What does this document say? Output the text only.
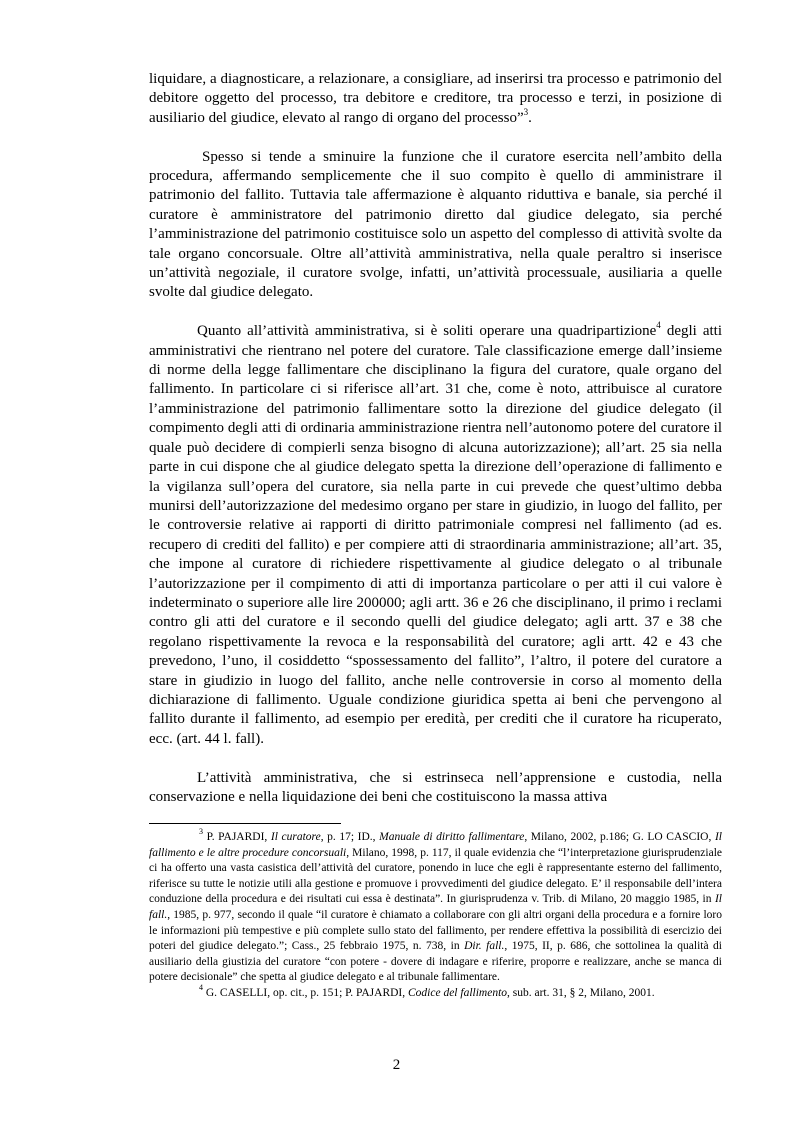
liquidare, a diagnosticare, a relazionare, a consigliare, ad inserirsi tra processo e patrimonio del debitore oggetto del processo, tra debitore e creditore, tra processo e terzi, in posizione di ausiliario del giudice, elevato al rango di organo del processo”$^3$.

Spesso si tende a sminuire la funzione che il curatore esercita nell’ambito della procedura, affermando semplicemente che il suo compito è quello di amministrare il patrimonio del fallito. Tuttavia tale affermazione è alquanto riduttiva e banale, sia perché il curatore è amministratore del patrimonio diretto dal giudice delegato, sia perché l’amministrazione del patrimonio costituisce solo un aspetto del complesso di attività svolte da tale organo concorsuale. Oltre all’attività amministrativa, nella quale peraltro si inserisce un’attività negoziale, il curatore svolge, infatti, un’attività processuale, ausiliaria a quelle svolte dal giudice delegato.

Quanto all’attività amministrativa, si è soliti operare una quadripartizione$^4$ degli atti amministrativi che rientrano nel potere del curatore. Tale classificazione emerge dall’insieme di norme della legge fallimentare che disciplinano la figura del curatore, quale organo del fallimento. In particolare ci si riferisce all’art. 31 che, come è noto, attribuisce al curatore l’amministrazione del patrimonio fallimentare sotto la direzione del giudice delegato (il compimento degli atti di ordinaria amministrazione rientra nell’autonomo potere del curatore il quale può decidere di compierli senza bisogno di alcuna autorizzazione); all’art. 25 sia nella parte in cui dispone che al giudice delegato spetta la direzione dell’operazione di fallimento e la vigilanza sull’opera del curatore, sia nella parte in cui prevede che quest’ultimo debba munirsi dell’autorizzazione del medesimo organo per stare in giudizio, in luogo del fallito, per le controversie relative ai rapporti di diritto patrimoniale compresi nel fallimento (ad es. recupero di crediti del fallito) e per compiere atti di straordinaria amministrazione; all’art. 35, che impone al curatore di richiedere rispettivamente al giudice delegato o al tribunale l’autorizzazione per il compimento di atti di importanza particolare o per atti il cui valore è indeterminato o superiore alle lire 200000; agli artt. 36 e 26 che disciplinano, il primo i reclami contro gli atti del curatore e il secondo quelli del giudice delegato; agli artt. 37 e 38 che regolano rispettivamente la revoca e la responsabilità del curatore; agli artt. 42 e 43 che prevedono, l’uno, il cosiddetto “spossessamento del fallito”, l’altro, il potere del curatore a stare in giudizio in luogo del fallito, anche nelle controversie in corso al momento della dichiarazione di fallimento. Uguale condizione giuridica spetta ai beni che pervengono al fallito durante il fallimento, ad esempio per eredità, per crediti che il curatore ha ricuperato, ecc. (art. 44 l. fall).

L’attività amministrativa, che si estrinseca nell’apprensione e custodia, nella conservazione e nella liquidazione dei beni che costituiscono la massa attiva

$^3$ P. PAJARDI, Il curatore, p. 17; ID., Manuale di diritto fallimentare, Milano, 2002, p.186; G. LO CASCIO, Il fallimento e le altre procedure concorsuali, Milano, 1998, p. 117, il quale evidenzia che “l’interpretazione giurisprudenziale ci ha offerto una vasta casistica dell’attività del curatore, ponendo in luce che egli è rappresentante esterno del fallimento, riferisce su tutte le notizie utili alla gestione e promuove i provvedimenti del giudice delegato. E’ il responsabile dell’intera conduzione della procedura e dei risultati cui essa è destinata”. In giurisprudenza v. Trib. di Milano, 20 maggio 1985, in Il fall., 1985, p. 977, secondo il quale “il curatore è chiamato a collaborare con gli altri organi della procedura e a fornire loro le informazioni più tempestive e più complete sullo stato del fallimento, per rendere effettiva la possibilità di esercizio dei poteri del giudice delegato.”; Cass., 25 febbraio 1975, n. 738, in Dir. fall., 1975, II, p. 686, che sottolinea la qualità di ausiliario della giustizia del curatore “con potere - dovere di indagare e riferire, proporre e realizzare, anche se manca di potere decisionale” che spetta al giudice delegato e al tribunale fallimentare.

$^4$ G. CASELLI, op. cit., p. 151; P. PAJARDI, Codice del fallimento, sub. art. 31, § 2, Milano, 2001.

2
